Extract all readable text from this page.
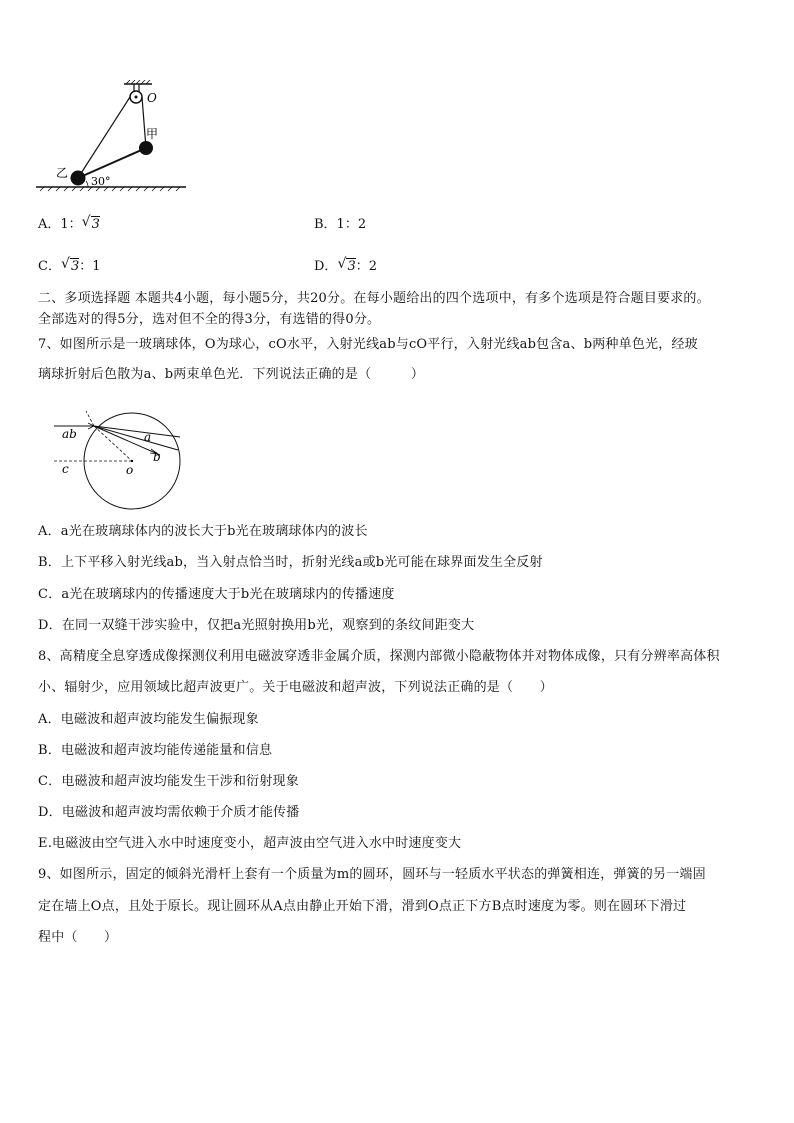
O
甲
乙
30°
A．1： √ 3	B．1：2
C． √ 3：1	D． √ 3：2
二、多项选择题 本题共4小题，每小题5分，共20分。在每小题给出的四个选项中，有多个选项是符合题目要求的。
全部选对的得5分，选对但不全的得3分，有选错的得0分。
7、如图所示是一玻璃球体，O为球心，cO水平，入射光线ab与cO平行，入射光线ab包含a、b两种单色光，经玻
璃球折射后色散为a、b两束单色光．下列说法正确的是（　　　）
ab
c	o
a
b
A．a光在玻璃球体内的波长大于b光在玻璃球体内的波长
B．上下平移入射光线ab，当入射点恰当时，折射光线a或b光可能在球界面发生全反射
C．a光在玻璃球内的传播速度大于b光在玻璃球内的传播速度
D．在同一双缝干涉实验中，仅把a光照射换用b光，观察到的条纹间距变大
8、高精度全息穿透成像探测仪利用电磁波穿透非金属介质，探测内部微小隐蔽物体并对物体成像，只有分辨率高体积
小、辐射少，应用领域比超声波更广。关于电磁波和超声波，下列说法正确的是（　　）
A．电磁波和超声波均能发生偏振现象
B．电磁波和超声波均能传递能量和信息
C．电磁波和超声波均能发生干涉和衍射现象
D．电磁波和超声波均需依赖于介质才能传播
E.电磁波由空气进入水中时速度变小，超声波由空气进入水中时速度变大
9、如图所示，固定的倾斜光滑杆上套有一个质量为m的圆环，圆环与一轻质水平状态的弹簧相连，弹簧的另一端固
定在墙上O点，且处于原长。现让圆环从A点由静止开始下滑，滑到O点正下方B点时速度为零。则在圆环下滑过
程中（　　）
